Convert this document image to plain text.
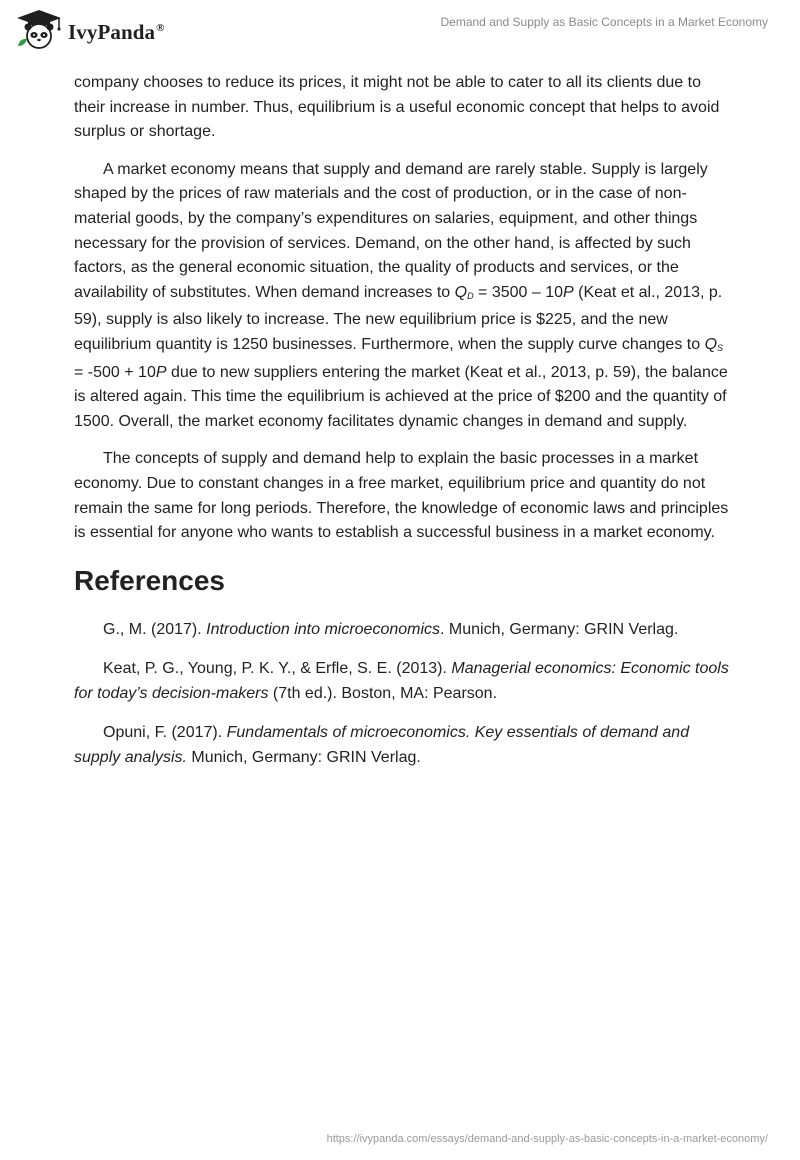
IvyPanda®	Demand and Supply as Basic Concepts in a Market Economy

company chooses to reduce its prices, it might not be able to cater to all its clients due to their increase in number. Thus, equilibrium is a useful economic concept that helps to avoid surplus or shortage.

A market economy means that supply and demand are rarely stable. Supply is largely shaped by the prices of raw materials and the cost of production, or in the case of non-material goods, by the company’s expenditures on salaries, equipment, and other things necessary for the provision of services. Demand, on the other hand, is affected by such factors, as the general economic situation, the quality of products and services, or the availability of substitutes. When demand increases to $Q_D = 3500 - 10P$ (Keat et al., 2013, p. 59), supply is also likely to increase. The new equilibrium price is $225, and the new equilibrium quantity is 1250 businesses. Furthermore, when the supply curve changes to $Q_S = -500 + 10P$ due to new suppliers entering the market (Keat et al., 2013, p. 59), the balance is altered again. This time the equilibrium is achieved at the price of $200 and the quantity of 1500. Overall, the market economy facilitates dynamic changes in demand and supply.

The concepts of supply and demand help to explain the basic processes in a market economy. Due to constant changes in a free market, equilibrium price and quantity do not remain the same for long periods. Therefore, the knowledge of economic laws and principles is essential for anyone who wants to establish a successful business in a market economy.

References

G., M. (2017). Introduction into microeconomics. Munich, Germany: GRIN Verlag.

Keat, P. G., Young, P. K. Y., & Erfle, S. E. (2013). Managerial economics: Economic tools for today’s decision-makers (7th ed.). Boston, MA: Pearson.

Opuni, F. (2017). Fundamentals of microeconomics. Key essentials of demand and supply analysis. Munich, Germany: GRIN Verlag.

https://ivypanda.com/essays/demand-and-supply-as-basic-concepts-in-a-market-economy/
